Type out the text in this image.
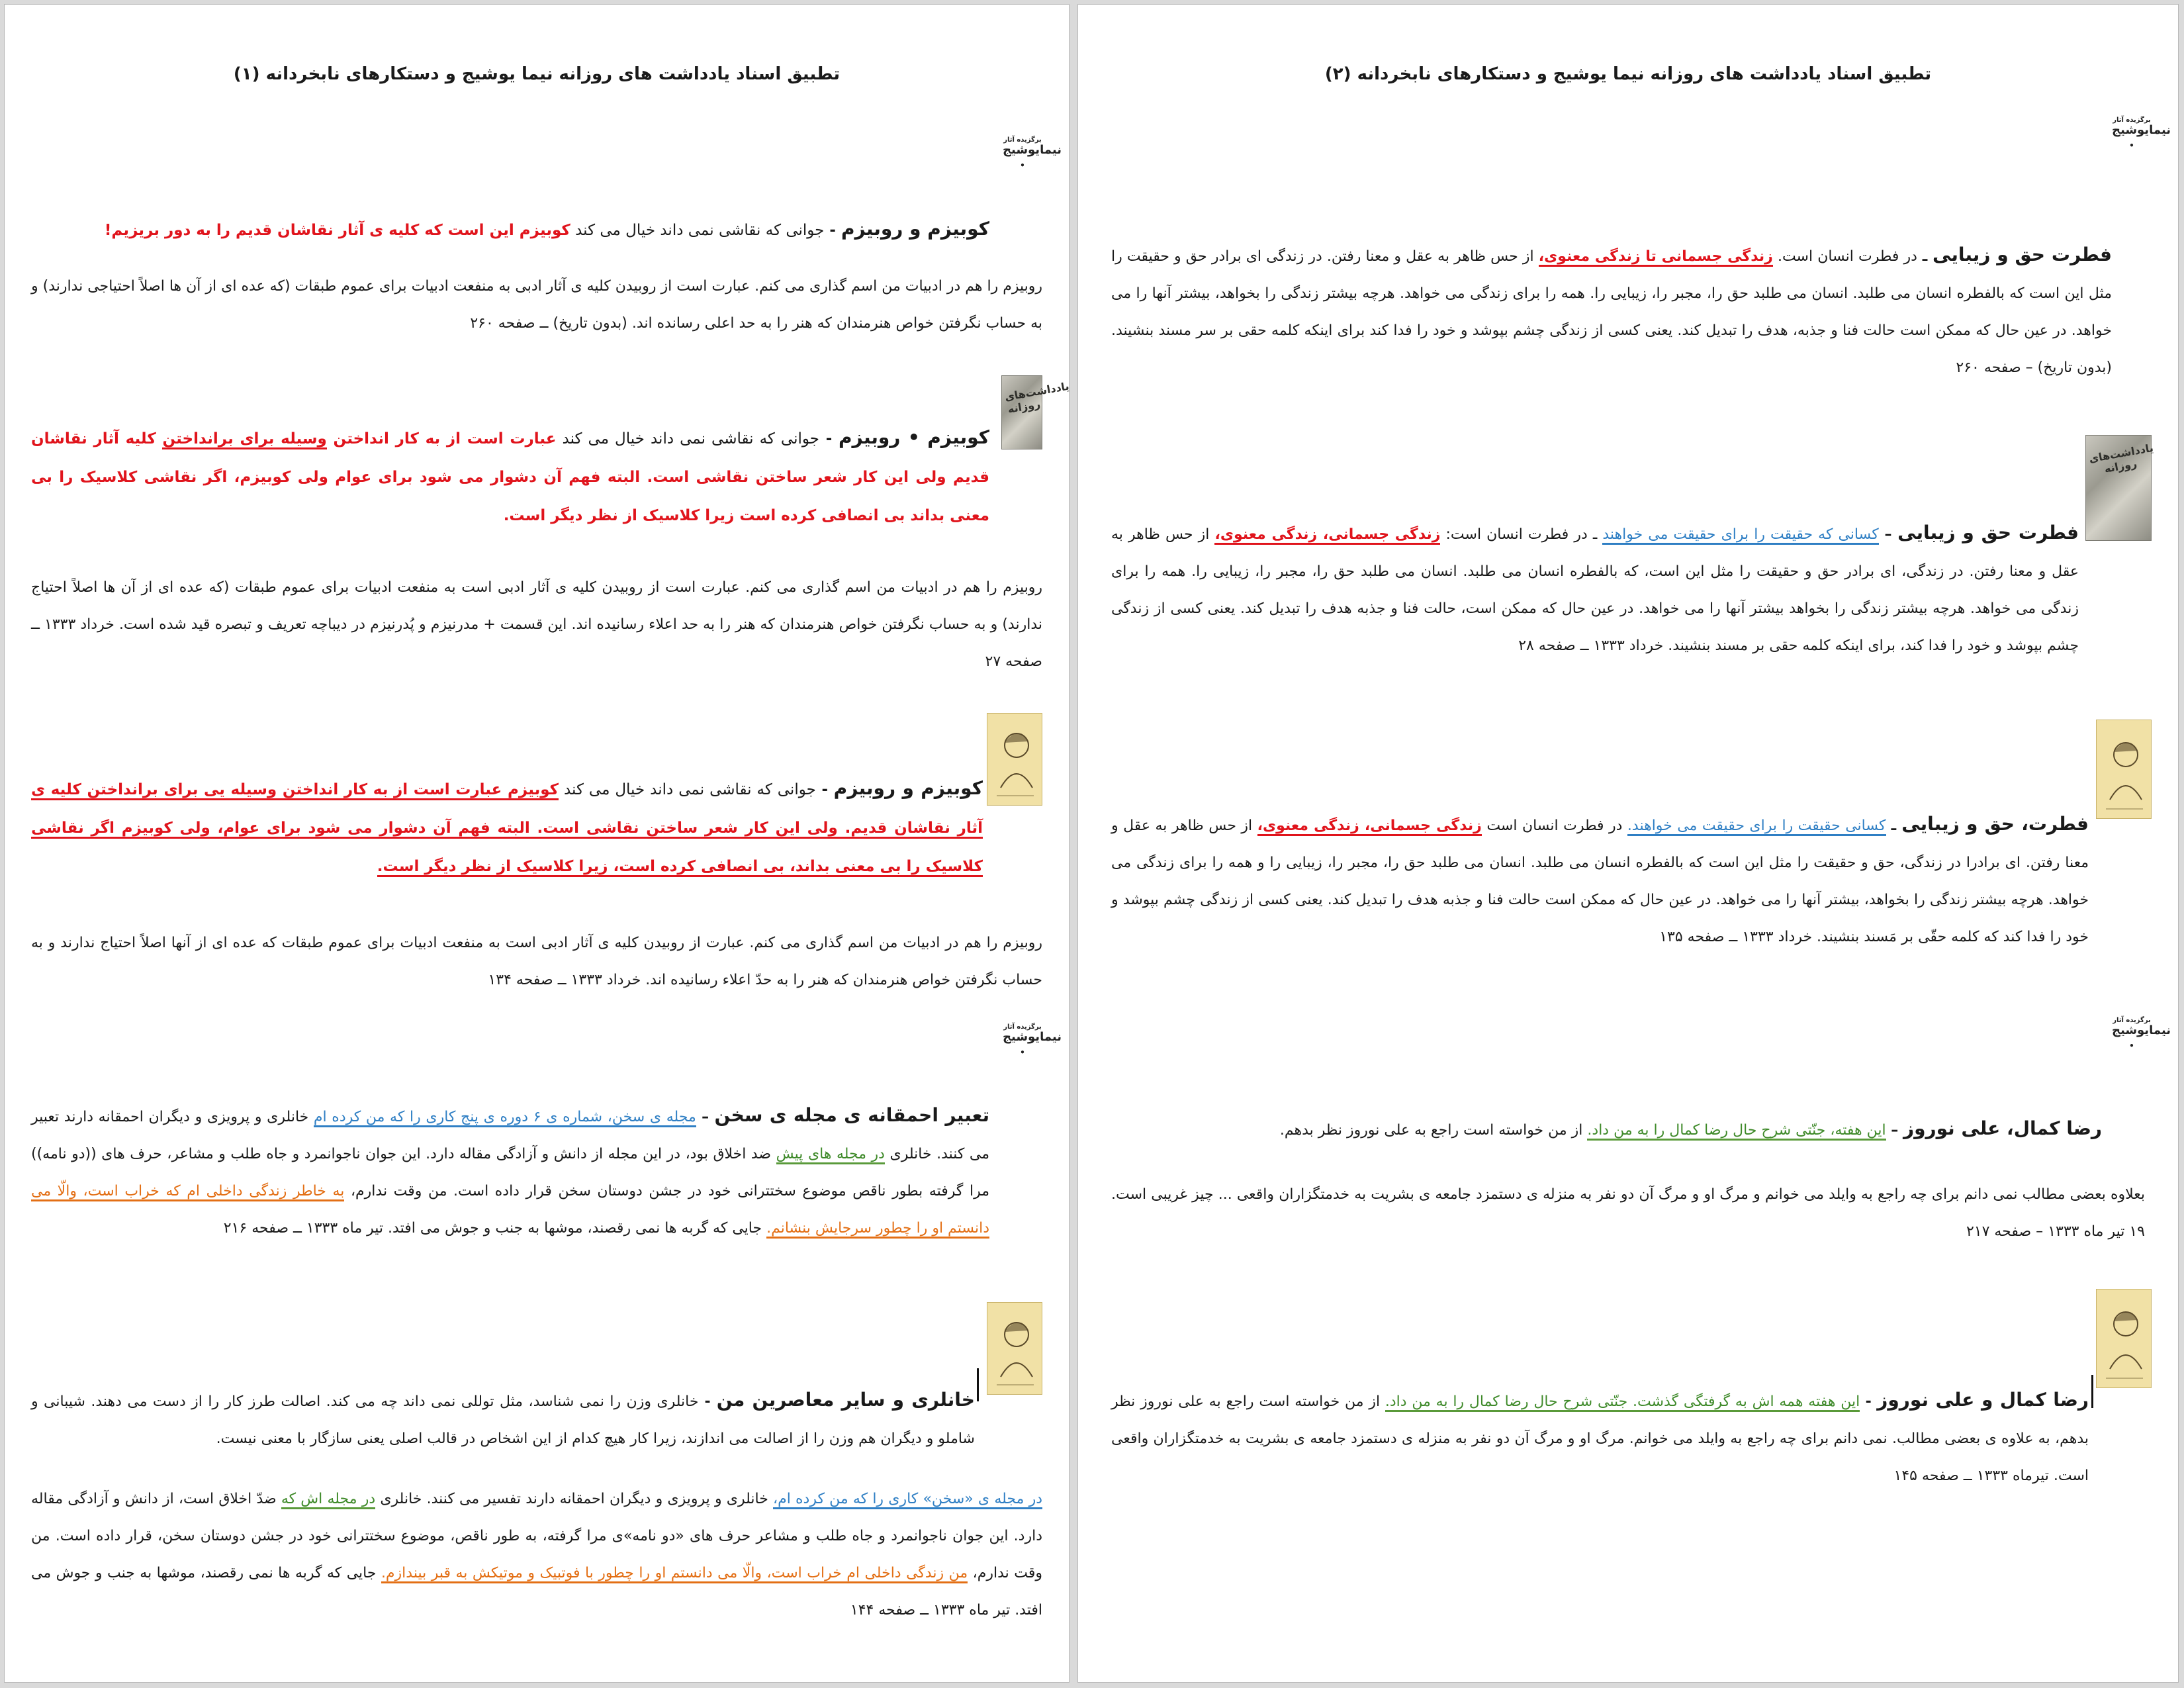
تطبیق اسناد یادداشت های روزانه نیما یوشیج و دستکارهای نابخردانه (۱)
برگزیده آثار
نیمایوشیج
•

کوبیزم و روبیزم - جوانی که نقاشی نمی داند خیال می کند کوبیزم این است که کلیه ی آثار نقاشان قدیم را به دور بریزیم!

روبیزم را هم در ادبیات من اسم گذاری می کنم. عبارت است از روبیدن کلیه ی آثار ادبی به منفعت ادبیات برای عموم طبقات (که عده ای از آن ها اصلاً احتیاجی ندارند) و به حساب نگرفتن خواص هنرمندان که هنر را به حد اعلی رسانده اند. (بدون تاریخ) ــ صفحه ۲۶۰

یادداشت‌های روزانه

کوبیزم • روبیزم - جوانی که نقاشی نمی داند خیال می کند عبارت است از به کار انداختن وسیله برای برانداختن کلیه آثار نقاشان قدیم ولی این کار شعر ساختن نقاشی است. البته فهم آن دشوار می شود برای عوام ولی کوبیزم، اگر نقاشی کلاسیک را بی معنی بداند بی انصافی کرده است زیرا کلاسیک از نظر دیگر است.

روبیزم را هم در ادبیات من اسم گذاری می کنم. عبارت است از روبیدن کلیه ی آثار ادبی است به منفعت ادبیات برای عموم طبقات (که عده ای از آن ها اصلاً احتیاج ندارند) و به حساب نگرفتن خواص هنرمندان که هنر را به حد اعلاء رسانیده اند. این قسمت + مدرنیزم و پُدرنیزم در دیباچه تعریف و تبصره قید شده است. خرداد ۱۳۳۳ ــ صفحه ۲۷

کوبیزم و روبیزم - جوانی که نقاشی نمی داند خیال می کند کوبیزم عبارت است از به کار انداختن وسیله یی برای برانداختن کلیه ی آثار نقاشان قدیم. ولی این کار شعر ساختن نقاشی است. البته فهم آن دشوار می شود برای عوام، ولی کوبیزم اگر نقاشی کلاسیک را بی معنی بداند، بی انصافی کرده است، زیرا کلاسیک از نظر دیگر است.

روبیزم را هم در ادبیات من اسم گذاری می کنم. عبارت از روبیدن کلیه ی آثار ادبی است به منفعت ادبیات برای عموم طبقات که عده ای از آنها اصلاً احتیاج ندارند و به حساب نگرفتن خواص هنرمندان که هنر را به حدّ اعلاء رسانیده اند. خرداد ۱۳۳۳ ــ صفحه ۱۳۴

برگزیده آثار
نیمایوشیج
•

تعبیر احمقانه ی مجله ی سخن – مجله ی سخن، شماره ی ۶ دوره ی پنج کاری را که من کرده ام خانلری و پرویزی و دیگران احمقانه دارند تعبیر می کنند. خانلری در مجله های پیش ضد اخلاق بود، در این مجله از دانش و آزادگی مقاله دارد. این جوان ناجوانمرد و جاه طلب و مشاعر، حرف های ((دو نامه)) مرا گرفته بطور ناقص موضوع سختترانی خود در جشن دوستان سخن قرار داده است. من وقت ندارم، به خاطر زندگی داخلی ام که خراب است، والّا می دانستم او را چطور سرجایش بنشانم. جایی که گربه ها نمی رقصند، موشها به جنب و جوش می افتد. تیر ماه ۱۳۳۳ ــ صفحه ۲۱۶

خانلری و سایر معاصرین من - خانلری وزن را نمی شناسد، مثل توللی نمی داند چه می کند. اصالت طرز کار را از دست می دهند. شیبانی و شاملو و دیگران هم وزن را از اصالت می اندازند، زیرا کار هیچ کدام از این اشخاص در قالب اصلی یعنی سازگار با معنی نیست.

در مجله ی «سخن» کاری را که من کرده ام، خانلری و پرویزی و دیگران احمقانه دارند تفسیر می کنند. خانلری در مجله اش که ضدّ اخلاق است، از دانش و آزادگی مقاله دارد. این جوان ناجوانمرد و جاه طلب و مشاعر حرف های «دو نامه»ی مرا گرفته، به طور ناقص، موضوع سختترانی خود در جشن دوستان سخن، قرار داده است. من وقت ندارم، من زندگی داخلی ام خراب است، والّا می دانستم او را چطور با فوتبیک و موتیکش به قبر بیندازم. جایی که گربه ها نمی رقصند، موشها به جنب و جوش می افتد. تیر ماه ۱۳۳۳ ــ صفحه ۱۴۴

تطبیق اسناد یادداشت های روزانه نیما یوشیج و دستکارهای نابخردانه (۲)
برگزیده آثار
نیمایوشیج
•

فطرت حق و زیبایی ـ در فطرت انسان است. زندگی جسمانی تا زندگی معنوی، از حس ظاهر به عقل و معنا رفتن. در زندگی ای برادر حق و حقیقت را مثل این است که بالفطره انسان می طلبد. انسان می طلبد حق را، مجبر را، زیبایی را. همه را برای زندگی می خواهد. هرچه بیشتر زندگی را بخواهد، بیشتر آنها را می خواهد. در عین حال که ممکن است حالت فنا و جذبه، هدف را تبدیل کند. یعنی کسی از زندگی چشم بپوشد و خود را فدا کند برای اینکه کلمه حقی بر سر مسند بنشیند. (بدون تاریخ) – صفحه ۲۶۰

یادداشت‌های روزانه

فطرت حق و زیبایی – کسانی که حقیقت را برای حقیقت می خواهند ـ در فطرت انسان است: زندگی جسمانی، زندگی معنوی، از حس ظاهر به عقل و معنا رفتن. در زندگی، ای برادر حق و حقیقت را مثل این است، که بالفطره انسان می طلبد. انسان می طلبد حق را، مجبر را، زیبایی را. همه را برای زندگی می خواهد. هرچه بیشتر زندگی را بخواهد بیشتر آنها را می خواهد. در عین حال که ممکن است، حالت فنا و جذبه هدف را تبدیل کند. یعنی کسی از زندگی چشم بپوشد و خود را فدا کند، برای اینکه کلمه حقی بر مسند بنشیند. خرداد ۱۳۳۳ ــ صفحه ۲۸

فطرت، حق و زیبایی ـ کسانی حقیقت را برای حقیقت می خواهند. در فطرت انسان است زندگی جسمانی، زندگی معنوی، از حس ظاهر به عقل و معنا رفتن. ای برادرا در زندگی، حق و حقیقت را مثل این است که بالفطره انسان می طلبد. انسان می طلبد حق را، مجبر را، زیبایی را و همه را برای زندگی می خواهد. هرچه بیشتر زندگی را بخواهد، بیشتر آنها را می خواهد. در عین حال که ممکن است حالت فنا و جذبه هدف را تبدیل کند. یعنی کسی از زندگی چشم بپوشد و خود را فدا کند که کلمه حقّی بر مَسند بنشیند. خرداد ۱۳۳۳ ــ صفحه ۱۳۵

برگزیده آثار
نیمایوشیج
•

رضا کمال، علی نوروز – این هفته، جنّتی شرح حال رضا کمال را به من داد. از من خواسته است راجع به علی نوروز نظر بدهم.

بعلاوه بعضی مطالب نمی دانم برای چه راجع به وایلد می خوانم و مرگ او و مرگ آن دو نفر به منزله ی دستمزد جامعه ی بشریت به خدمتگزاران واقعی ... چیز غریبی است. ۱۹ تیر ماه ۱۳۳۳ – صفحه ۲۱۷

رضا کمال و علی نوروز - این هفته همه اش به گرفتگی گذشت. جنّتی شرح حال رضا کمال را به من داد. از من خواسته است راجع به علی نوروز نظر بدهم، به علاوه ی بعضی مطالب. نمی دانم برای چه راجع به وایلد می خوانم. مرگ او و مرگ آن دو نفر به منزله ی دستمزد جامعه ی بشریت به خدمتگزاران واقعی است. تیرماه ۱۳۳۳ ــ صفحه ۱۴۵
